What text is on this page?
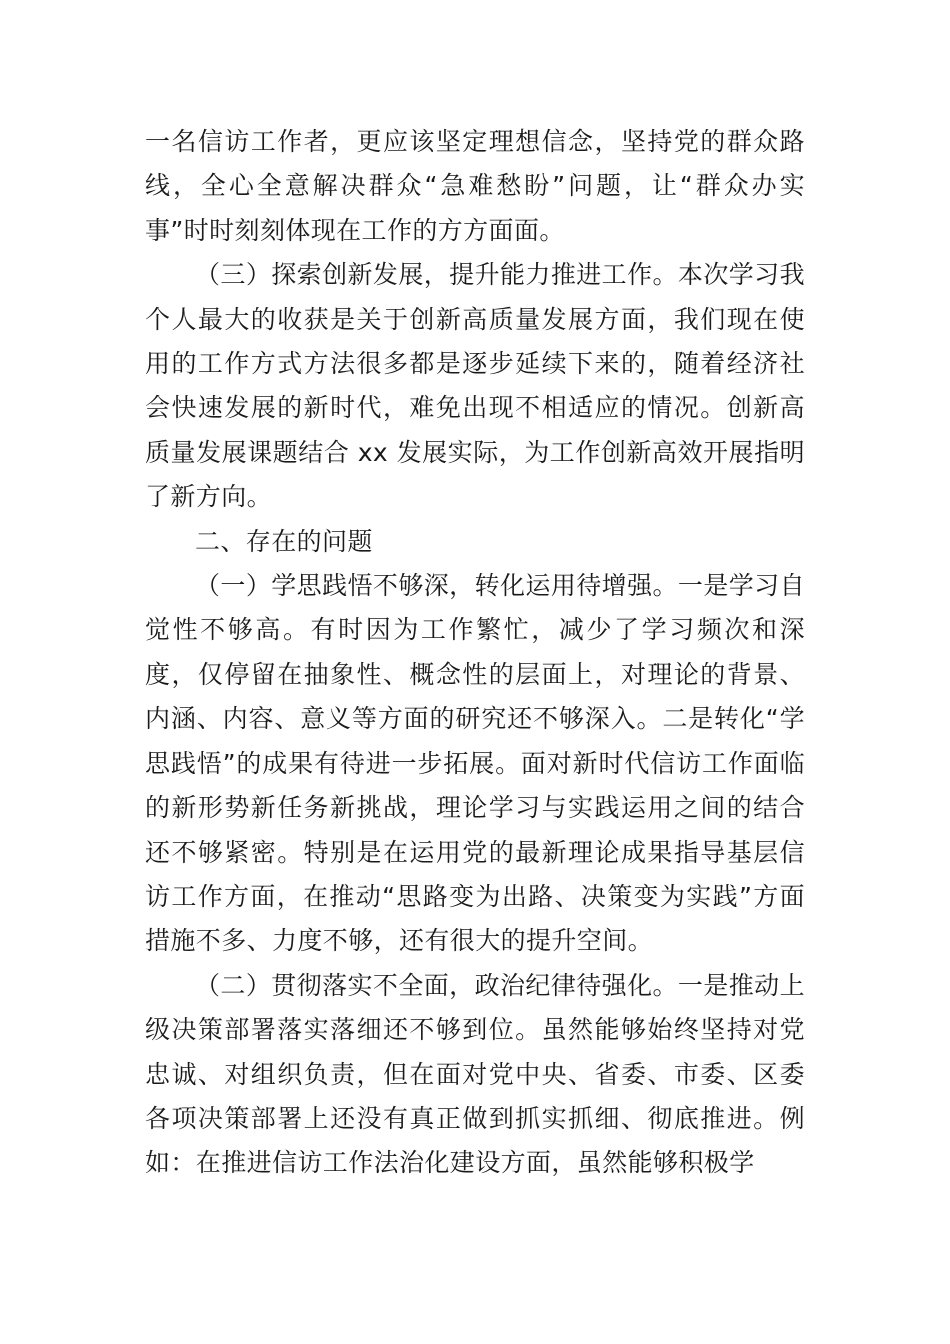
一名信访工作者，更应该坚定理想信念，坚持党的群众路线，全心全意解决群众“急难愁盼”问题，让“群众办实事”时时刻刻体现在工作的方方面面。

（三）探索创新发展，提升能力推进工作。本次学习我个人最大的收获是关于创新高质量发展方面，我们现在使用的工作方式方法很多都是逐步延续下来的，随着经济社会快速发展的新时代，难免出现不相适应的情况。创新高质量发展课题结合 xx 发展实际，为工作创新高效开展指明了新方向。

二、存在的问题

（一）学思践悟不够深，转化运用待增强。一是学习自觉性不够高。有时因为工作繁忙，减少了学习频次和深度，仅停留在抽象性、概念性的层面上，对理论的背景、内涵、内容、意义等方面的研究还不够深入。二是转化“学思践悟”的成果有待进一步拓展。面对新时代信访工作面临的新形势新任务新挑战，理论学习与实践运用之间的结合还不够紧密。特别是在运用党的最新理论成果指导基层信访工作方面，在推动“思路变为出路、决策变为实践”方面措施不多、力度不够，还有很大的提升空间。

（二）贯彻落实不全面，政治纪律待强化。一是推动上级决策部署落实落细还不够到位。虽然能够始终坚持对党忠诚、对组织负责，但在面对党中央、省委、市委、区委各项决策部署上还没有真正做到抓实抓细、彻底推进。例如：在推进信访工作法治化建设方面，虽然能够积极学
